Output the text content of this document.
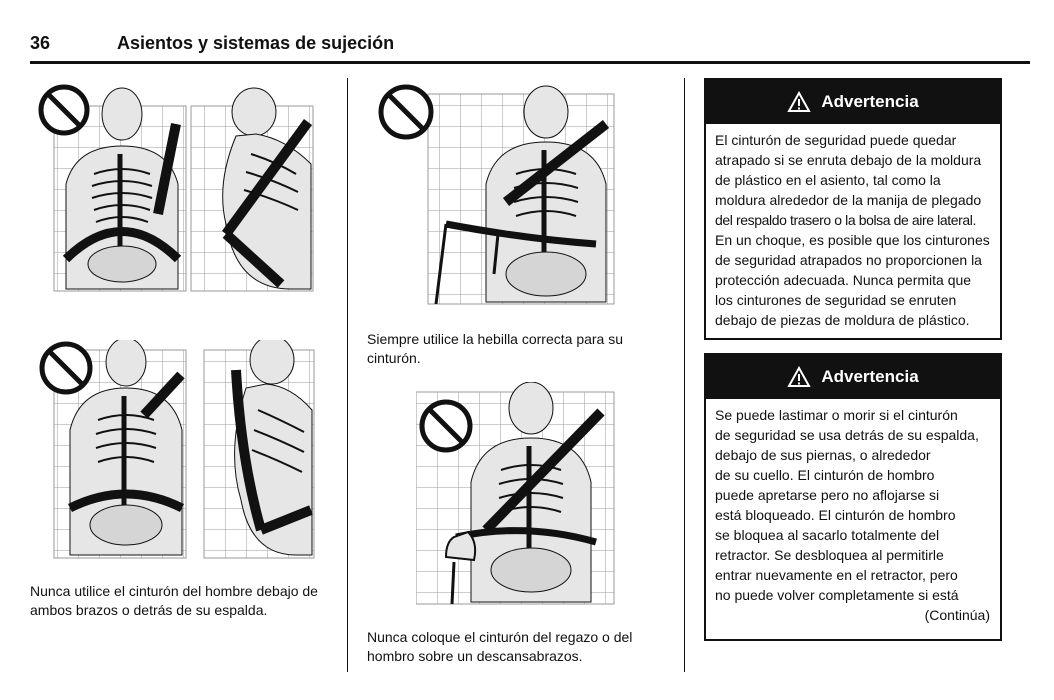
36	Asientos y sistemas de sujeción
Nunca utilice el cinturón del hombre debajo de ambos brazos o detrás de su espalda.
Siempre utilice la hebilla correcta para su cinturón.
Nunca coloque el cinturón del regazo o del hombro sobre un descansabrazos.
Advertencia
El cinturón de seguridad puede quedar
atrapado si se enruta debajo de la moldura
de plástico en el asiento, tal como la
moldura alrededor de la manija de plegado
del respaldo trasero o la bolsa de aire lateral.
En un choque, es posible que los cinturones
de seguridad atrapados no proporcionen la
protección adecuada. Nunca permita que
los cinturones de seguridad se enruten
debajo de piezas de moldura de plástico.
Advertencia
Se puede lastimar o morir si el cinturón
de seguridad se usa detrás de su espalda,
debajo de sus piernas, o alrededor
de su cuello. El cinturón de hombro
puede apretarse pero no aflojarse si
está bloqueado. El cinturón de hombro
se bloquea al sacarlo totalmente del
retractor. Se desbloquea al permitirle
entrar nuevamente en el retractor, pero
no puede volver completamente si está
(Continúa)
